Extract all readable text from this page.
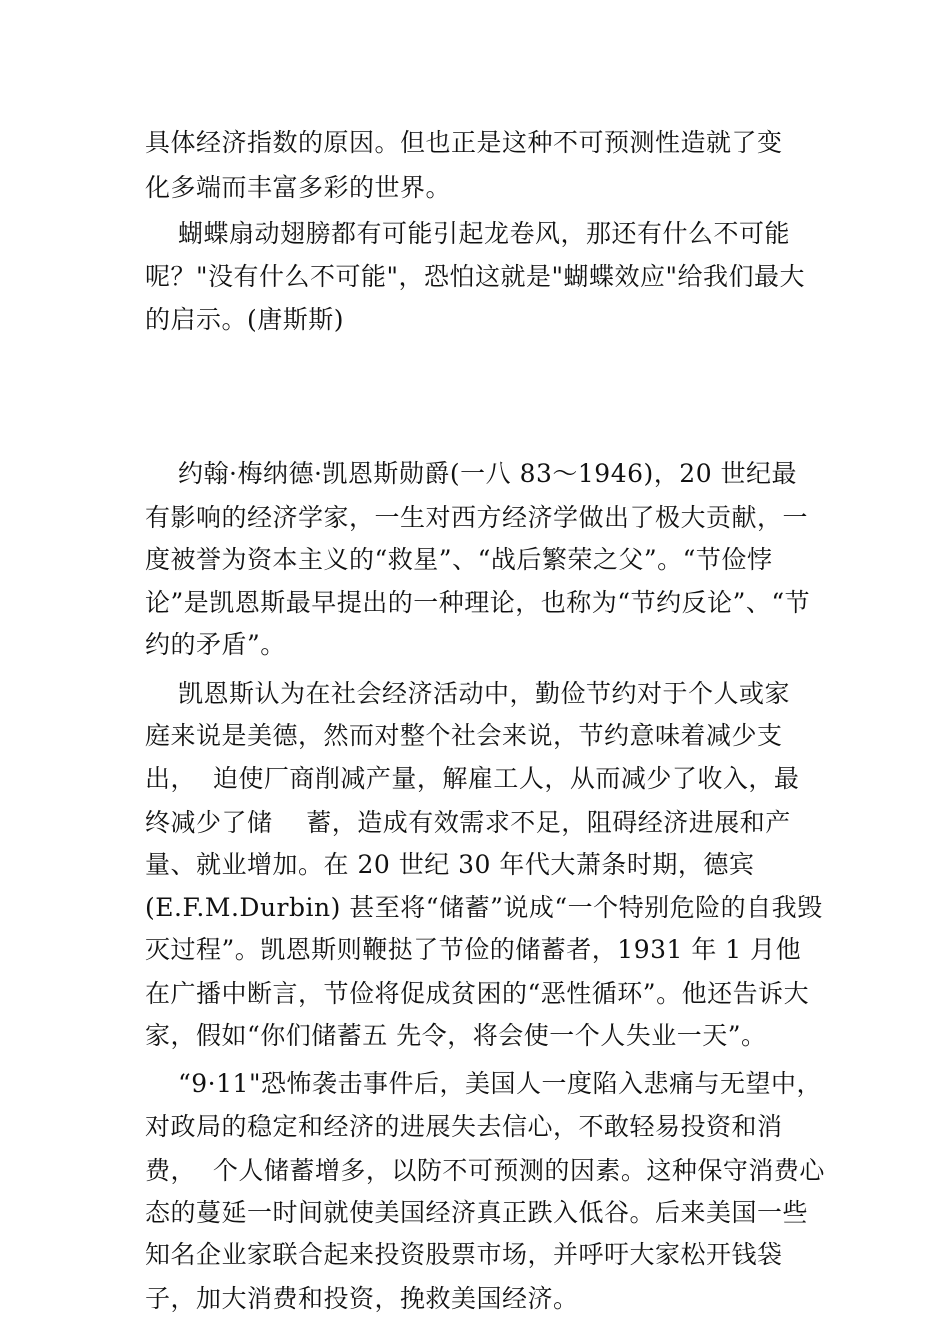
具体经济指数的原因。但也正是这种不可预测性造就了变
化多端而丰富多彩的世界。
蝴蝶扇动翅膀都有可能引起龙卷风，那还有什么不可能
呢？"没有什么不可能"，恐怕这就是"蝴蝶效应"给我们最大
的启示。(唐斯斯)
约翰·梅纳德·凯恩斯勋爵(一八 83～1946)，20 世纪最
有影响的经济学家，一生对西方经济学做出了极大贡献，一
度被誉为资本主义的“救星”、“战后繁荣之父”。“节俭悖
论”是凯恩斯最早提出的一种理论，也称为“节约反论”、“节
约的矛盾”。
凯恩斯认为在社会经济活动中，勤俭节约对于个人或家
庭来说是美德，然而对整个社会来说，节约意味着减少支
出，  迫使厂商削减产量，解雇工人，从而减少了收入，最
终减少了储    蓄，造成有效需求不足，阻碍经济进展和产
量、就业增加。在 20 世纪 30 年代大萧条时期，德宾
(E.F.M.Durbin) 甚至将“储蓄”说成“一个特别危险的自我毁
灭过程”。凯恩斯则鞭挞了节俭的储蓄者，1931 年 1 月他
在广播中断言，节俭将促成贫困的“恶性循环”。他还告诉大
家，假如“你们储蓄五 先令，将会使一个人失业一天”。
“9·11"恐怖袭击事件后，美国人一度陷入悲痛与无望中，
对政局的稳定和经济的进展失去信心，不敢轻易投资和消
费，  个人储蓄增多，以防不可预测的因素。这种保守消费心
态的蔓延一时间就使美国经济真正跌入低谷。后来美国一些
知名企业家联合起来投资股票市场，并呼吁大家松开钱袋
子，加大消费和投资，挽救美国经济。
